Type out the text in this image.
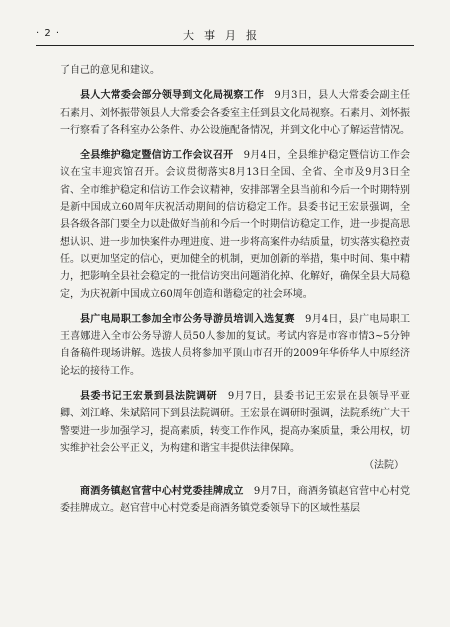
· 2 ·	大事月报

了自己的意见和建议。

县人大常委会部分领导到文化局视察工作　 9月3日，县人大常委会副主任石素月、刘怀振带领县人大常委会各委室主任到县文化局视察。石素月、刘怀振一行察看了各科室办公条件、办公设施配备情况，并到文化中心了解运营情况。

全县维护稳定暨信访工作会议召开　 9月4日，全县维护稳定暨信访工作会议在宝丰迎宾馆召开。会议贯彻落实8月13日全国、全省、全市及9月3日全省、全市维护稳定和信访工作会议精神，安排部署全县当前和今后一个时期特别是新中国成立60周年庆祝活动期间的信访稳定工作。县委书记王宏景强调，全县各级各部门要全力以赴做好当前和今后一个时期信访稳定工作，进一步提高思想认识、进一步加快案件办理进度、进一步将高案件办结质量，切实落实稳控责任。以更加坚定的信心，更加健全的机制，更加创新的举措，集中时间、集中精力，把影响全县社会稳定的一批信访突出问题消化掉、化解好，确保全县大局稳定，为庆祝新中国成立60周年创造和谐稳定的社会环境。

县广电局职工参加全市公务导游员培训入选复赛　 9月4日，县广电局职工王喜娜进入全市公务导游人员50人参加的复试。考试内容是市容市情3~5分钟自备稿件现场讲解。选拔人员将参加平顶山市召开的2009年华侨华人中原经济论坛的接待工作。

县委书记王宏景到县法院调研　 9月7日，县委书记王宏景在县领导平亚卿、刘江峰、朱斌陪同下到县法院调研。王宏景在调研时强调，法院系统广大干警要进一步加强学习，提高素质，转变工作作风，提高办案质量，秉公用权，切实维护社会公平正义，为构建和谐宝丰提供法律保障。

（法院）

商酒务镇赵官营中心村党委挂牌成立　 9月7日，商酒务镇赵官营中心村党委挂牌成立。赵官营中心村党委是商酒务镇党委领导下的区域性基层
